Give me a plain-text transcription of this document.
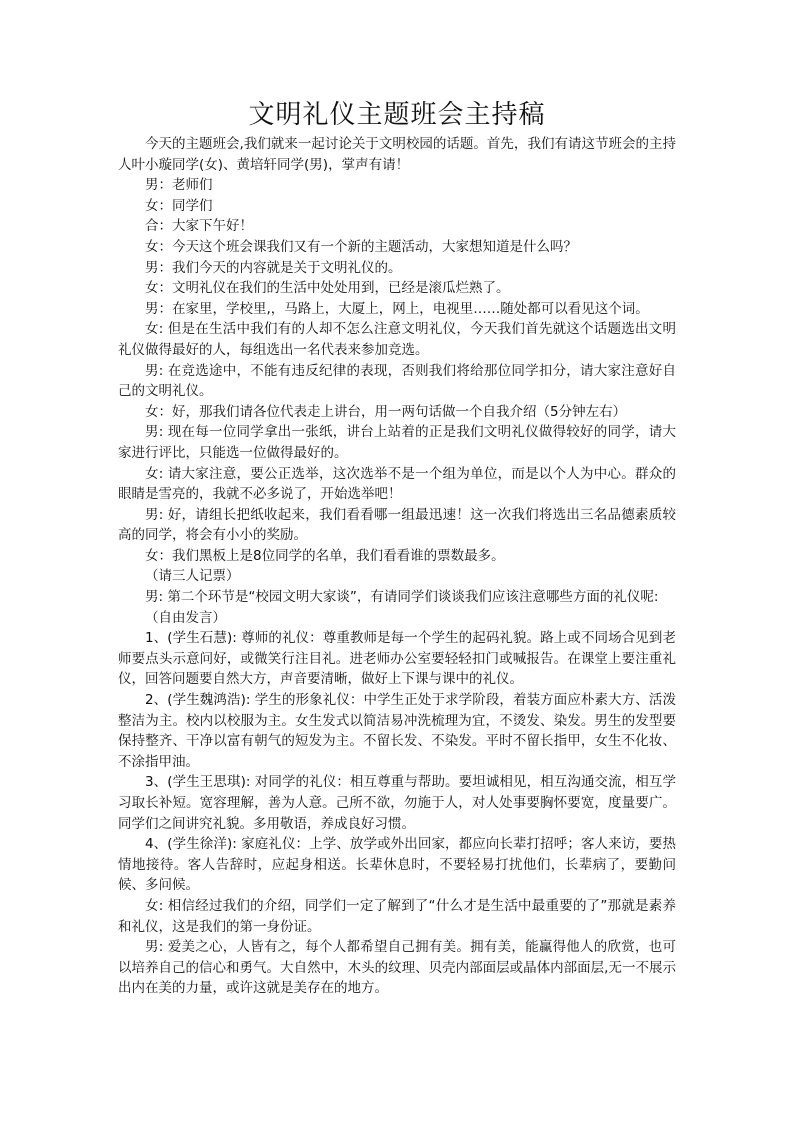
文明礼仪主题班会主持稿

今天的主题班会,我们就来一起讨论关于文明校园的话题。首先，我们有请这节班会的主持人叶小璇同学(女)、黄培轩同学(男)，掌声有请！

男：老师们

女：同学们

合：大家下午好！

女：今天这个班会课我们又有一个新的主题活动，大家想知道是什么吗？

男：我们今天的内容就是关于文明礼仪的。

女：文明礼仪在我们的生活中处处用到，已经是滚瓜烂熟了。

男：在家里，学校里,，马路上，大厦上，网上，电视里……随处都可以看见这个词。

女: 但是在生活中我们有的人却不怎么注意文明礼仪，今天我们首先就这个话题选出文明礼仪做得最好的人，每组选出一名代表来参加竞选。

男: 在竞选途中，不能有违反纪律的表现，否则我们将给那位同学扣分，请大家注意好自己的文明礼仪。

女：好，那我们请各位代表走上讲台，用一两句话做一个自我介绍（5分钟左右）

男: 现在每一位同学拿出一张纸，讲台上站着的正是我们文明礼仪做得较好的同学，请大家进行评比，只能选一位做得最好的。

女: 请大家注意，要公正选举，这次选举不是一个组为单位，而是以个人为中心。群众的眼睛是雪亮的，我就不必多说了，开始选举吧！

男: 好，请组长把纸收起来，我们看看哪一组最迅速！这一次我们将选出三名品德素质较高的同学，将会有小小的奖励。

女：我们黑板上是8位同学的名单，我们看看谁的票数最多。

（请三人记票）

男: 第二个环节是“校园文明大家谈”，有请同学们谈谈我们应该注意哪些方面的礼仪呢:

（自由发言）

1、(学生石慧): 尊师的礼仪：尊重教师是每一个学生的起码礼貌。路上或不同场合见到老师要点头示意问好，或微笑行注目礼。进老师办公室要轻轻扣门或喊报告。在课堂上要注重礼仪，回答问题要自然大方，声音要清晰，做好上下课与课中的礼仪。

2、(学生魏鸿浩): 学生的形象礼仪：中学生正处于求学阶段，着装方面应朴素大方、活泼整洁为主。校内以校服为主。女生发式以简洁易冲洗梳理为宜，不烫发、染发。男生的发型要保持整齐、干净以富有朝气的短发为主。不留长发、不染发。平时不留长指甲，女生不化妆、不涂指甲油。

3、(学生王思琪): 对同学的礼仪：相互尊重与帮助。要坦诚相见，相互沟通交流，相互学习取长补短。宽容理解，善为人意。己所不欲，勿施于人，对人处事要胸怀要宽，度量要广。同学们之间讲究礼貌。多用敬语，养成良好习惯。

4、(学生徐洋): 家庭礼仪：上学、放学或外出回家，都应向长辈打招呼；客人来访，要热情地接待。客人告辞时，应起身相送。长辈休息时，不要轻易打扰他们，长辈病了，要勤问候、多问候。

女: 相信经过我们的介绍，同学们一定了解到了“什么才是生活中最重要的了”那就是素养和礼仪，这是我们的第一身份证。

男: 爱美之心，人皆有之，每个人都希望自己拥有美。拥有美，能赢得他人的欣赏，也可以培养自己的信心和勇气。大自然中，木头的纹理、贝壳内部面层或晶体内部面层,无一不展示出内在美的力量，或许这就是美存在的地方。
